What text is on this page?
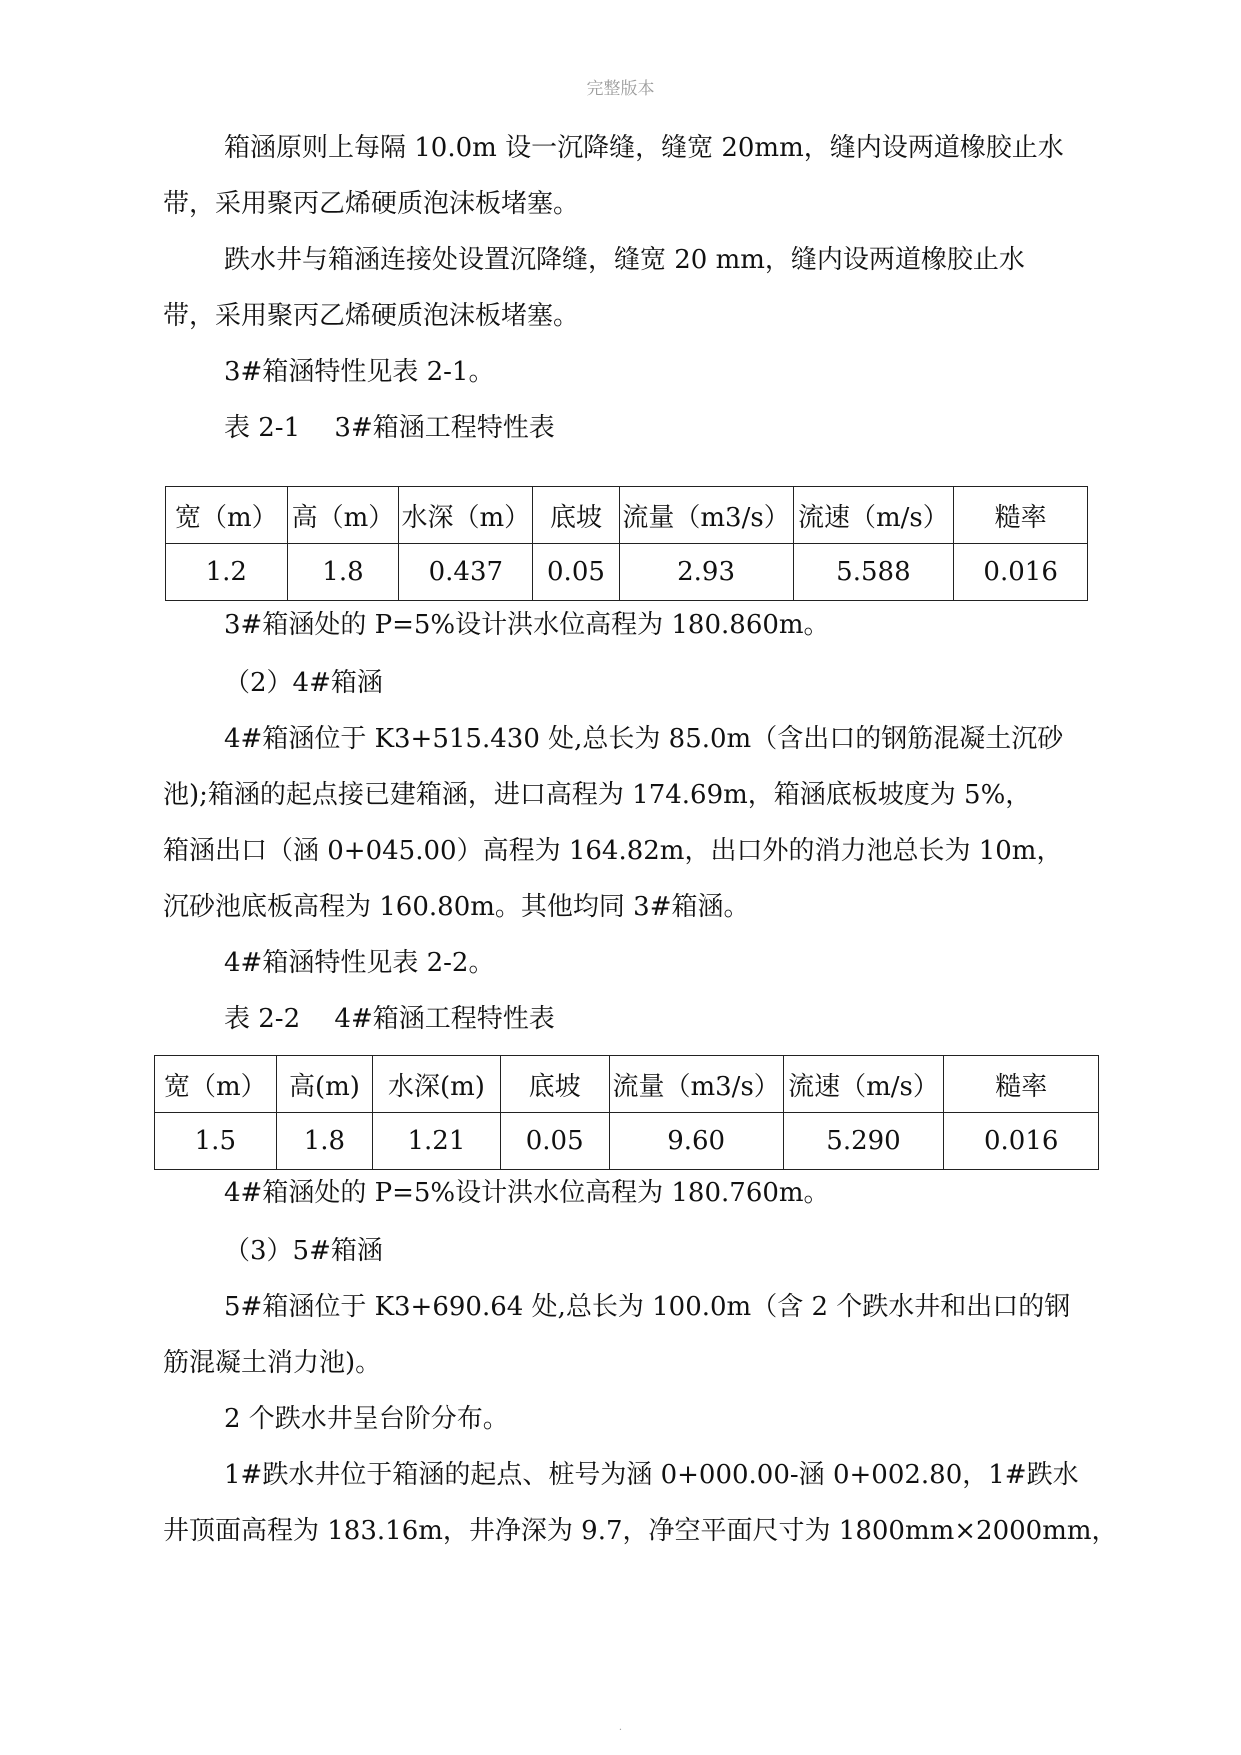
完整版本
箱涵原则上每隔 10.0m 设一沉降缝，缝宽 20mm，缝内设两道橡胶止水
带，采用聚丙乙烯硬质泡沫板堵塞。
跌水井与箱涵连接处设置沉降缝，缝宽 20 mm，缝内设两道橡胶止水
带，采用聚丙乙烯硬质泡沫板堵塞。
3#箱涵特性见表 2-1。
表 2-1　 3#箱涵工程特性表
宽（m）	高（m）	水深（m）	底坡	流量（m3/s）	流速（m/s）	糙率
1.2	1.8	0.437	0.05	2.93	5.588	0.016
3#箱涵处的 P=5%设计洪水位高程为 180.860m。
（2）4#箱涵
4#箱涵位于 K3+515.430 处,总长为 85.0m（含出口的钢筋混凝土沉砂
池);箱涵的起点接已建箱涵，进口高程为 174.69m，箱涵底板坡度为 5%，
箱涵出口（涵 0+045.00）高程为 164.82m，出口外的消力池总长为 10m，
沉砂池底板高程为 160.80m。其他均同 3#箱涵。
4#箱涵特性见表 2-2。
表 2-2　 4#箱涵工程特性表
宽（m）	高(m)	水深(m)	底坡	流量（m3/s）	流速（m/s）	糙率
1.5	1.8	1.21	0.05	9.60	5.290	0.016
4#箱涵处的 P=5%设计洪水位高程为 180.760m。
（3）5#箱涵
5#箱涵位于 K3+690.64 处,总长为 100.0m（含 2 个跌水井和出口的钢
筋混凝土消力池)。
2 个跌水井呈台阶分布。
1#跌水井位于箱涵的起点、桩号为涵 0+000.00-涵 0+002.80，1#跌水
井顶面高程为 183.16m，井净深为 9.7，净空平面尺寸为 1800mm×2000mm，
.
